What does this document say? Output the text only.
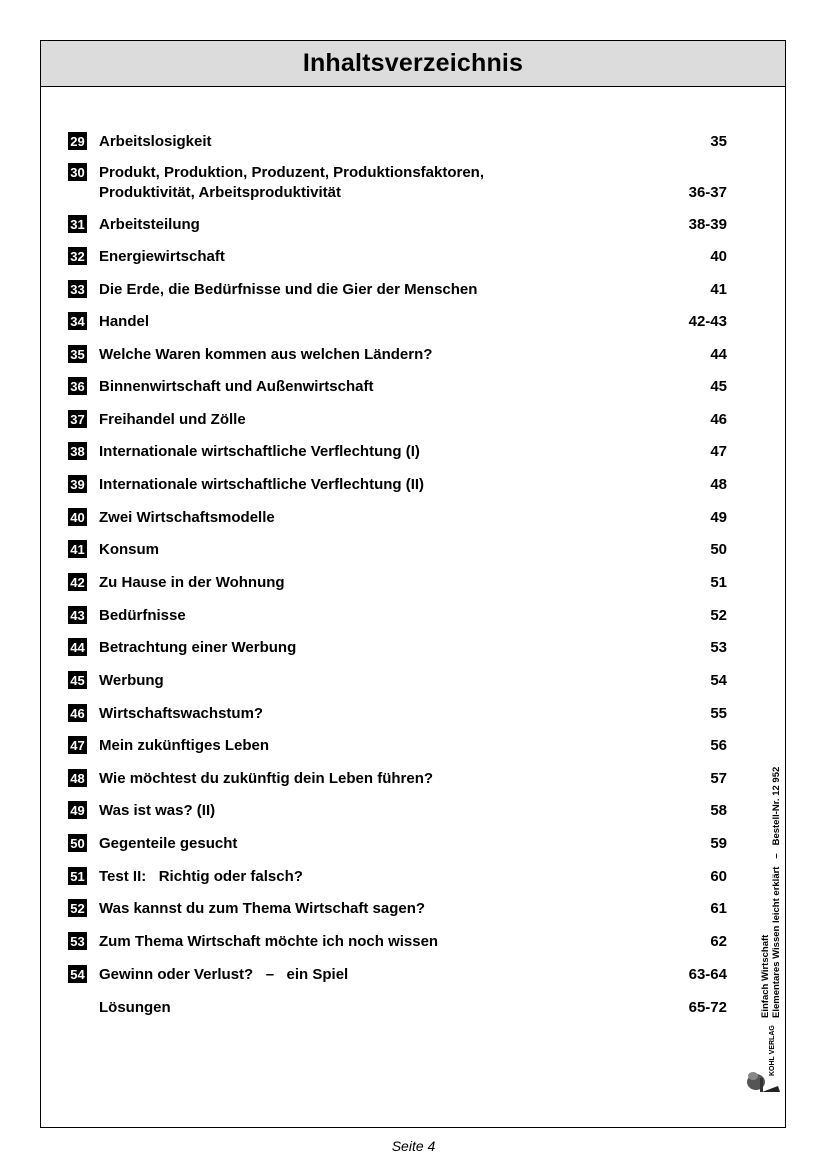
Inhaltsverzeichnis
29 Arbeitslosigkeit	35
30 Produkt, Produktion, Produzent, Produktionsfaktoren,
Produktivität, Arbeitsproduktivität	36-37
31 Arbeitsteilung	38-39
32 Energiewirtschaft	40
33 Die Erde, die Bedürfnisse und die Gier der Menschen	41
34 Handel	42-43
35 Welche Waren kommen aus welchen Ländern?	44
36 Binnenwirtschaft und Außenwirtschaft	45
37 Freihandel und Zölle	46
38 Internationale wirtschaftliche Verflechtung (I)	47
39 Internationale wirtschaftliche Verflechtung (II)	48
40 Zwei Wirtschaftsmodelle	49
41 Konsum	50
42 Zu Hause in der Wohnung	51
43 Bedürfnisse	52
44 Betrachtung einer Werbung	53
45 Werbung	54
46 Wirtschaftswachstum?	55
47 Mein zukünftiges Leben	56
48 Wie möchtest du zukünftig dein Leben führen?	57
49 Was ist was? (II)	58
50 Gegenteile gesucht	59
51 Test II:   Richtig oder falsch?	60
52 Was kannst du zum Thema Wirtschaft sagen?	61
53 Zum Thema Wirtschaft möchte ich noch wissen	62
54 Gewinn oder Verlust?   –   ein Spiel	63-64
Lösungen	65-72	Einfach Wirtschaft Elementares Wissen leicht erklärt   –   Bestell-Nr. 12 952
KOHL VERLAG
Seite 4
